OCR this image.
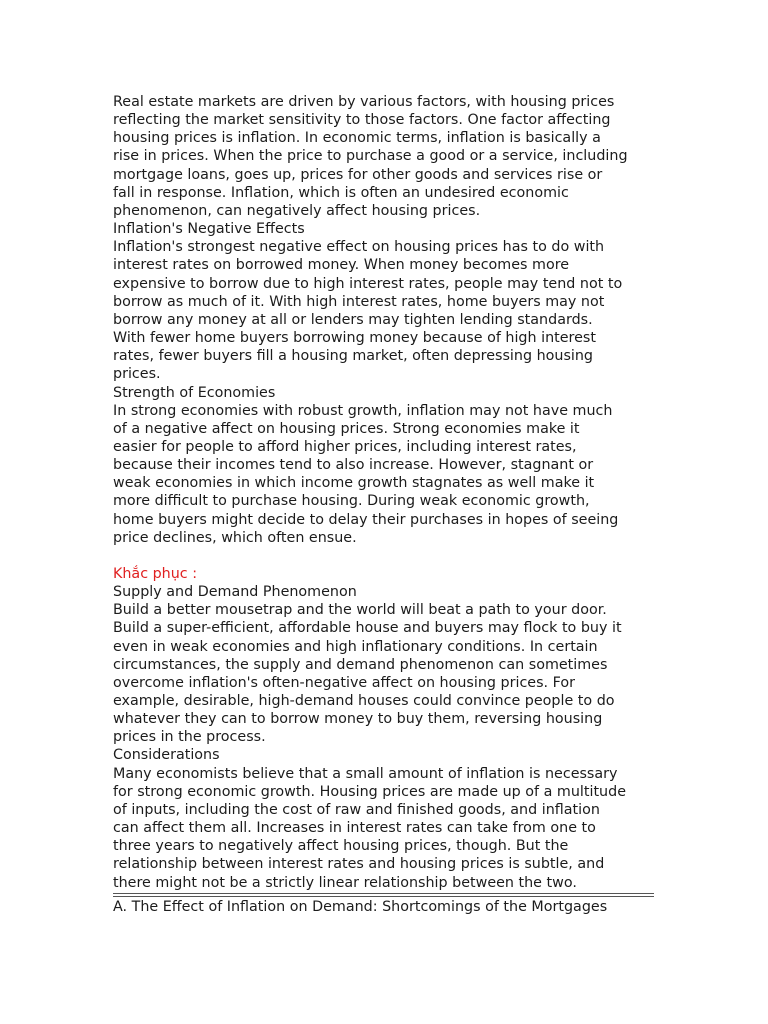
Real estate markets are driven by various factors, with housing prices
reflecting the market sensitivity to those factors. One factor affecting
housing prices is inflation. In economic terms, inflation is basically a
rise in prices. When the price to purchase a good or a service, including
mortgage loans, goes up, prices for other goods and services rise or
fall in response. Inflation, which is often an undesired economic
phenomenon, can negatively affect housing prices.

Inflation's Negative Effects

Inflation's strongest negative effect on housing prices has to do with
interest rates on borrowed money. When money becomes more
expensive to borrow due to high interest rates, people may tend not to
borrow as much of it. With high interest rates, home buyers may not
borrow any money at all or lenders may tighten lending standards.
With fewer home buyers borrowing money because of high interest
rates, fewer buyers fill a housing market, often depressing housing
prices.

Strength of Economies

In strong economies with robust growth, inflation may not have much
of a negative affect on housing prices. Strong economies make it
easier for people to afford higher prices, including interest rates,
because their incomes tend to also increase. However, stagnant or
weak economies in which income growth stagnates as well make it
more difficult to purchase housing. During weak economic growth,
home buyers might decide to delay their purchases in hopes of seeing
price declines, which often ensue.

Khắc phục :

Supply and Demand Phenomenon

Build a better mousetrap and the world will beat a path to your door.
Build a super-efficient, affordable house and buyers may flock to buy it
even in weak economies and high inflationary conditions. In certain
circumstances, the supply and demand phenomenon can sometimes
overcome inflation's often-negative affect on housing prices. For
example, desirable, high-demand houses could convince people to do
whatever they can to borrow money to buy them, reversing housing
prices in the process.

Considerations

Many economists believe that a small amount of inflation is necessary
for strong economic growth. Housing prices are made up of a multitude
of inputs, including the cost of raw and finished goods, and inflation
can affect them all. Increases in interest rates can take from one to
three years to negatively affect housing prices, though. But the
relationship between interest rates and housing prices is subtle, and
there might not be a strictly linear relationship between the two.

A. The Effect of Inflation on Demand: Shortcomings of the Mortgages
